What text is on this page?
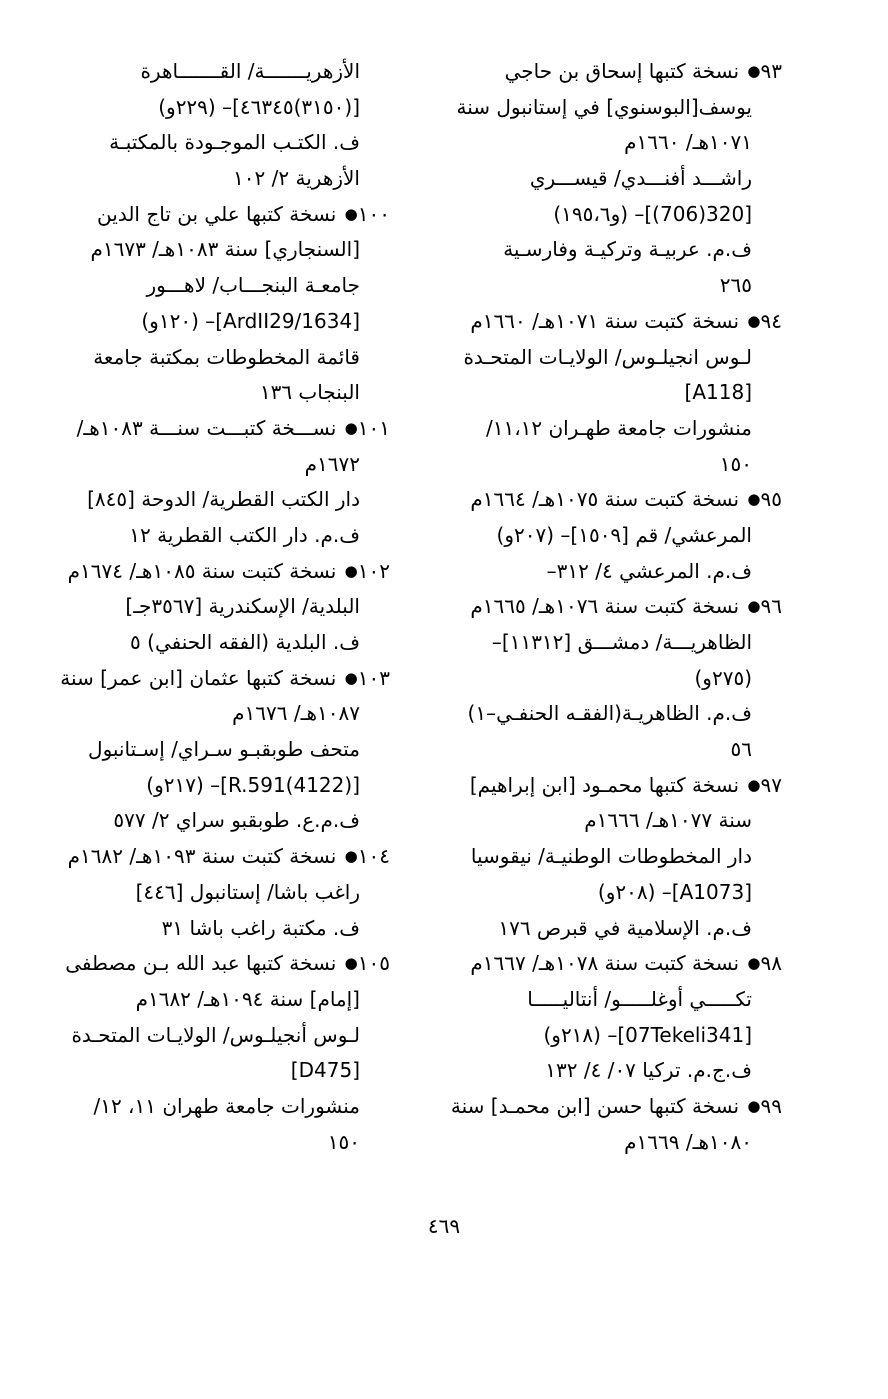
٩٣● نسخة كتبها إسحاق بن حاجي
يوسف[البوسنوي] في إستانبول سنة
١٠٧١هـ/ ١٦٦٠م
راشـــد أفنـــدي/ قيســـري
[320(706)]– (و١٩٥،٦)
ف.م. عربيـة وتركيـة وفارسـية
٢٦٥
٩٤● نسخة كتبت سنة ١٠٧١هـ/ ١٦٦٠م
لـوس انجيلـوس/ الولايـات المتحـدة
[A118]
منشورات جامعة طهـران ١١،١٢/
١٥٠
٩٥● نسخة كتبت سنة ١٠٧٥هـ/ ١٦٦٤م
المرعشي/ قم [١٥٠٩]– (٢٠٧و)
ف.م. المرعشي ٤/ ٣١٢–
٩٦● نسخة كتبت سنة ١٠٧٦هـ/ ١٦٦٥م
الظاهريـــة/ دمشـــق [١١٣١٢]–
(٢٧٥و)
ف.م. الظاهريـة(الفقـه الحنفـي–١)
٥٦
٩٧● نسخة كتبها محمـود [ابن إبراهيم]
سنة ١٠٧٧هـ/ ١٦٦٦م
دار المخطوطات الوطنيـة/ نيقوسيا
[A1073]– (٢٠٨و)
ف.م. الإسلامية في قبرص ١٧٦
٩٨● نسخة كتبت سنة ١٠٧٨هـ/ ١٦٦٧م
تكـــــي أوغلـــــو/ أنتاليـــــا
[07Tekeli341]– (٢١٨و)
ف.ج.م. تركيا ٠٧/ ٤/ ١٣٢
٩٩● نسخة كتبها حسن [ابن محمـد] سنة
١٠٨٠هـ/ ١٦٦٩م
الأزهريـــــــة/ القـــــــاهرة
[(٣١٥٠)٤٦٣٤٥]– (٢٢٩و)
ف. الكتـب الموجـودة بالمكتبـة
الأزهرية ٢/ ١٠٢
١٠٠● نسخة كتبها علي بن تاج الدين
[السنجاري] سنة ١٠٨٣هـ/ ١٦٧٣م
جامعـة البنجـــاب/ لاهـــور
[ArdII29/1634]– (١٢٠و)
قائمة المخطوطات بمكتبة جامعة
البنجاب ١٣٦
١٠١● نســـخة كتبـــت سنـــة ١٠٨٣هـ/
١٦٧٢م
دار الكتب القطرية/ الدوحة [٨٤٥]
ف.م. دار الكتب القطرية ١٢
١٠٢● نسخة كتبت سنة ١٠٨٥هـ/ ١٦٧٤م
البلدية/ الإسكندرية [٣٥٦٧جـ]
ف. البلدية (الفقه الحنفي) ٥
١٠٣● نسخة كتبها عثمان [ابن عمر] سنة
١٠٨٧هـ/ ١٦٧٦م
متحف طوبقبـو سـراي/ إسـتانبول
[R.591(4122)]– (٢١٧و)
ف.م.ع. طوبقبو سراي ٢/ ٥٧٧
١٠٤● نسخة كتبت سنة ١٠٩٣هـ/ ١٦٨٢م
راغب باشا/ إستانبول [٤٤٦]
ف. مكتبة راغب باشا ٣١
١٠٥● نسخة كتبها عبد الله بـن مصطفى
[إمام] سنة ١٠٩٤هـ/ ١٦٨٢م
لـوس أنجيلـوس/ الولايـات المتحـدة
[D475]
منشورات جامعة طهران ١١، ١٢/
١٥٠
٤٦٩
